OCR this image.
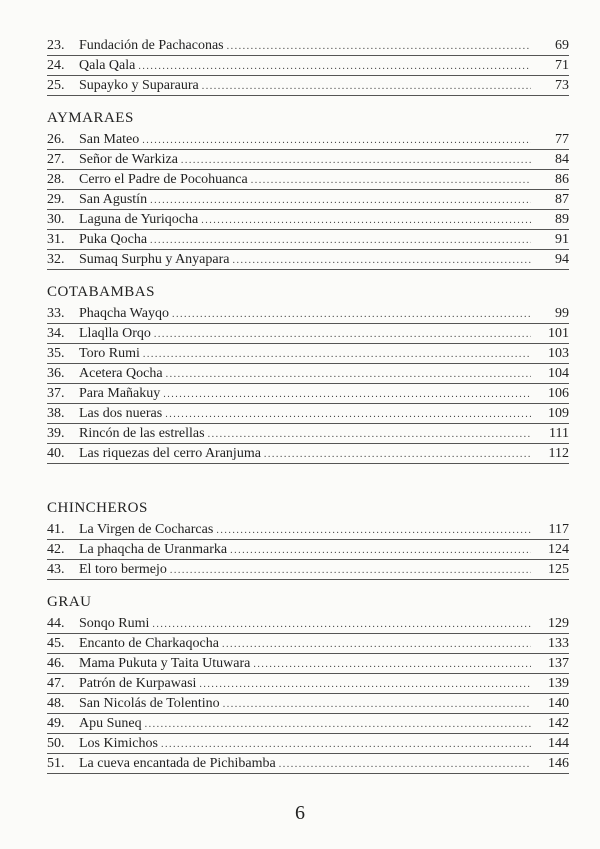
23.	Fundación de Pachaconas .....	69
24.	Qala Qala .....	71
25.	Supayko y Suparaura .....	73
AYMARAES
26.	San Mateo .....	77
27.	Señor de Warkiza .....	84
28.	Cerro el Padre de Pocohuanca .....	86
29.	San Agustín .....	87
30.	Laguna de Yuriqocha .....	89
31.	Puka Qocha .....	91
32.	Sumaq Surphu y Anyapara .....	94
COTABAMBAS
33.	Phaqcha Wayqo .....	99
34.	Llaqlla Orqo .....	101
35.	Toro Rumi .....	103
36.	Acetera Qocha .....	104
37.	Para Mañakuy .....	106
38.	Las dos nueras .....	109
39.	Rincón de las estrellas .....	111
40.	Las riquezas del cerro Aranjuma .....	112
CHINCHEROS
41.	La Virgen de Cocharcas .....	117
42.	La phaqcha de Uranmarka .....	124
43.	El toro bermejo .....	125
GRAU
44.	Sonqo Rumi .....	129
45.	Encanto de Charkaqocha .....	133
46.	Mama Pukuta y Taita Utuwara .....	137
47.	Patrón de Kurpawasi .....	139
48.	San Nicolás de Tolentino .....	140
49.	Apu Suneq .....	142
50.	Los Kimichos .....	144
51.	La cueva encantada de Pichibamba .....	146
6
